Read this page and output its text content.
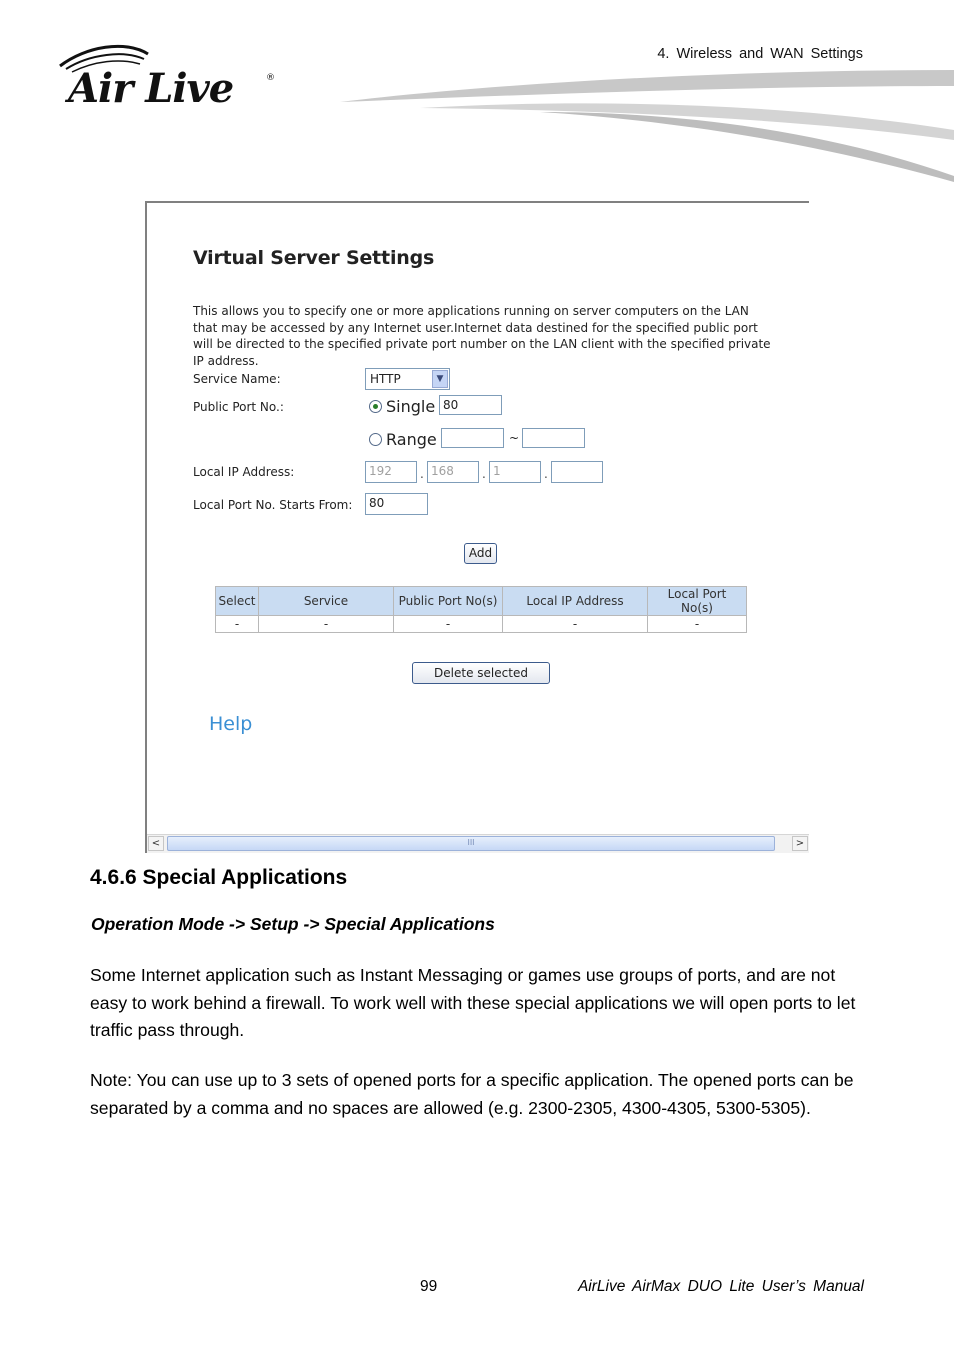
4. Wireless and WAN Settings
Air Live	®
Virtual Server Settings
This allows you to specify one or more applications running on server computers on the LAN that may be accessed by any Internet user.Internet data destined for the specified public port will be directed to the specified private port number on the LAN client with the specified private IP address.
Service Name:	HTTP	▼
Public Port No.:	Single 80
Range	~
Local IP Address:	192	. 168	. 1	.
Local Port No. Starts From:	80
Add
Select	Service	Public Port No(s)	Local IP Address	Local Port No(s)
-	-	-	-	-
Delete selected
Help
<	III	>
4.6.6 Special Applications
Operation Mode -> Setup -> Special Applications
Some Internet application such as Instant Messaging or games use groups of ports, and are not easy to work behind a firewall. To work well with these special applications we will open ports to let traffic pass through.
Note: You can use up to 3 sets of opened ports for a specific application. The opened ports can be separated by a comma and no spaces are allowed (e.g. 2300-2305, 4300-4305, 5300-5305).
99	AirLive AirMax DUO Lite User’s Manual
